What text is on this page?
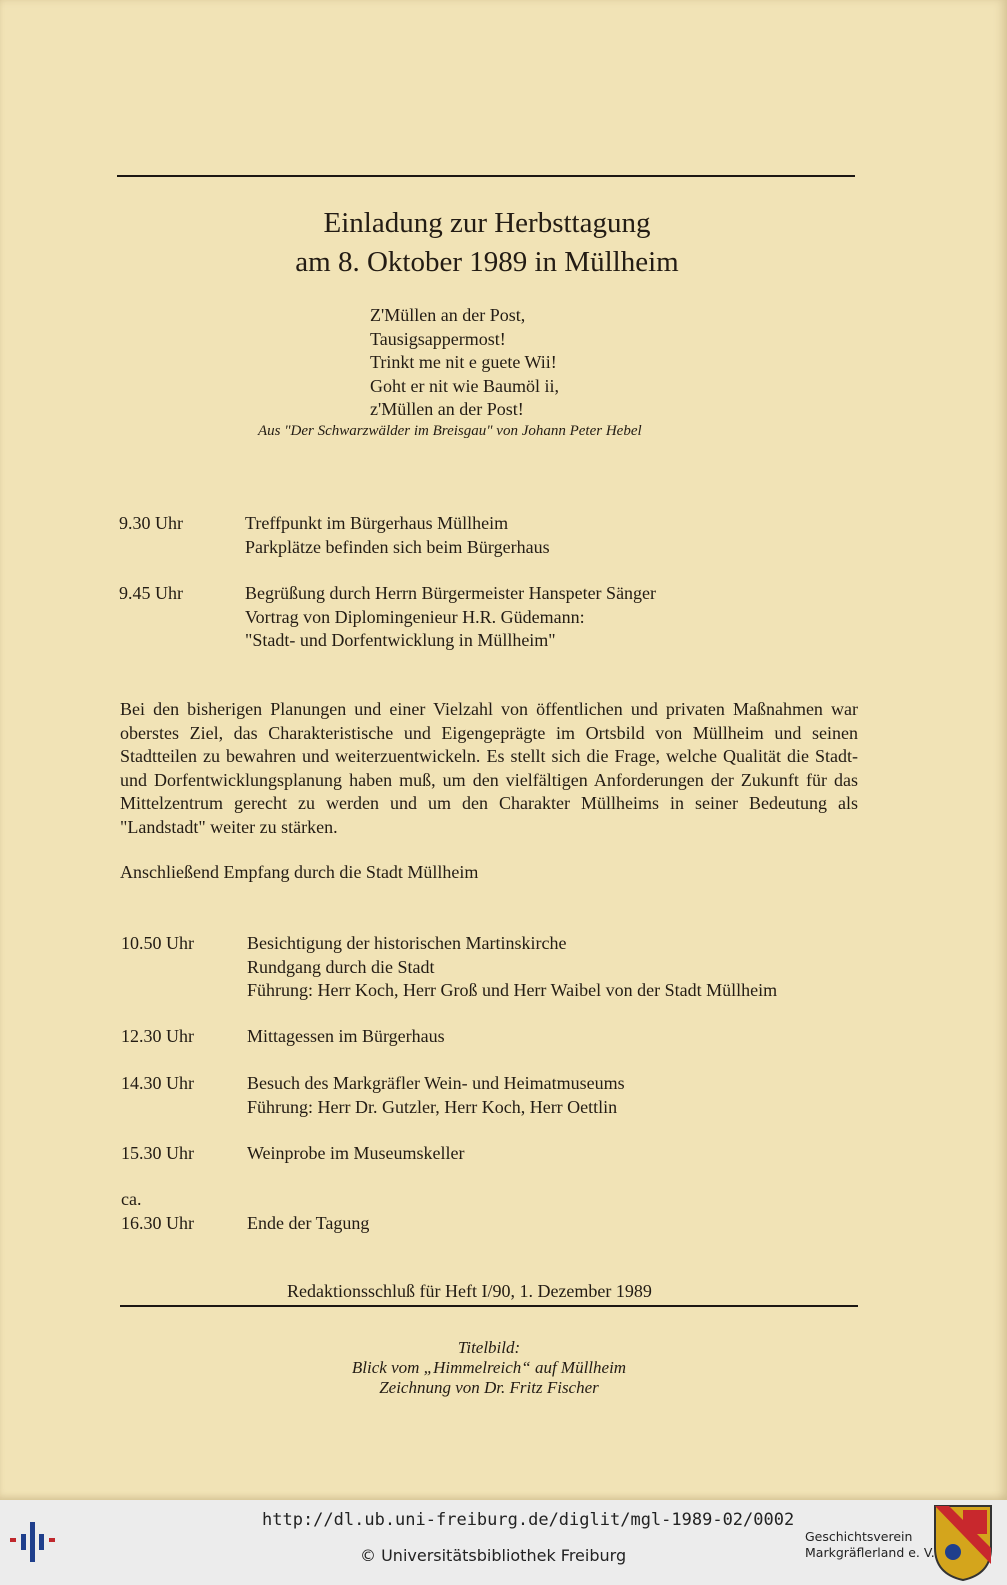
Einladung zur Herbsttagung
am 8. Oktober 1989 in Müllheim
Z'Müllen an der Post,
Tausigsappermost!
Trinkt me nit e guete Wii!
Goht er nit wie Baumöl ii,
z'Müllen an der Post!
Aus "Der Schwarzwälder im Breisgau" von Johann Peter Hebel
9.30 Uhr	Treffpunkt im Bürgerhaus Müllheim
Parkplätze befinden sich beim Bürgerhaus
9.45 Uhr	Begrüßung durch Herrn Bürgermeister Hanspeter Sänger
Vortrag von Diplomingenieur H.R. Güdemann:
"Stadt- und Dorfentwicklung in Müllheim"
Bei den bisherigen Planungen und einer Vielzahl von öffentlichen und privaten Maßnahmen war oberstes Ziel, das Charakteristische und Eigengeprägte im Ortsbild von Müllheim und seinen Stadtteilen zu bewahren und weiterzuentwickeln. Es stellt sich die Frage, welche Qualität die Stadt- und Dorfentwicklungsplanung haben muß, um den vielfältigen Anforderungen der Zukunft für das Mittelzentrum gerecht zu werden und um den Charakter Müllheims in seiner Bedeutung als "Landstadt" weiter zu stärken.
Anschließend Empfang durch die Stadt Müllheim
10.50 Uhr	Besichtigung der historischen Martinskirche
Rundgang durch die Stadt
Führung: Herr Koch, Herr Groß und Herr Waibel von der Stadt Müllheim
12.30 Uhr	Mittagessen im Bürgerhaus
14.30 Uhr	Besuch des Markgräfler Wein- und Heimatmuseums
Führung: Herr Dr. Gutzler, Herr Koch, Herr Oettlin
15.30 Uhr	Weinprobe im Museumskeller
ca.
16.30 Uhr	Ende der Tagung
Redaktionsschluß für Heft I/90, 1. Dezember 1989
Titelbild:
Blick vom „Himmelreich“ auf Müllheim
Zeichnung von Dr. Fritz Fischer
http://dl.ub.uni-freiburg.de/diglit/mgl-1989-02/0002
© Universitätsbibliothek Freiburg
Geschichtsverein
Markgräflerland e. V.
